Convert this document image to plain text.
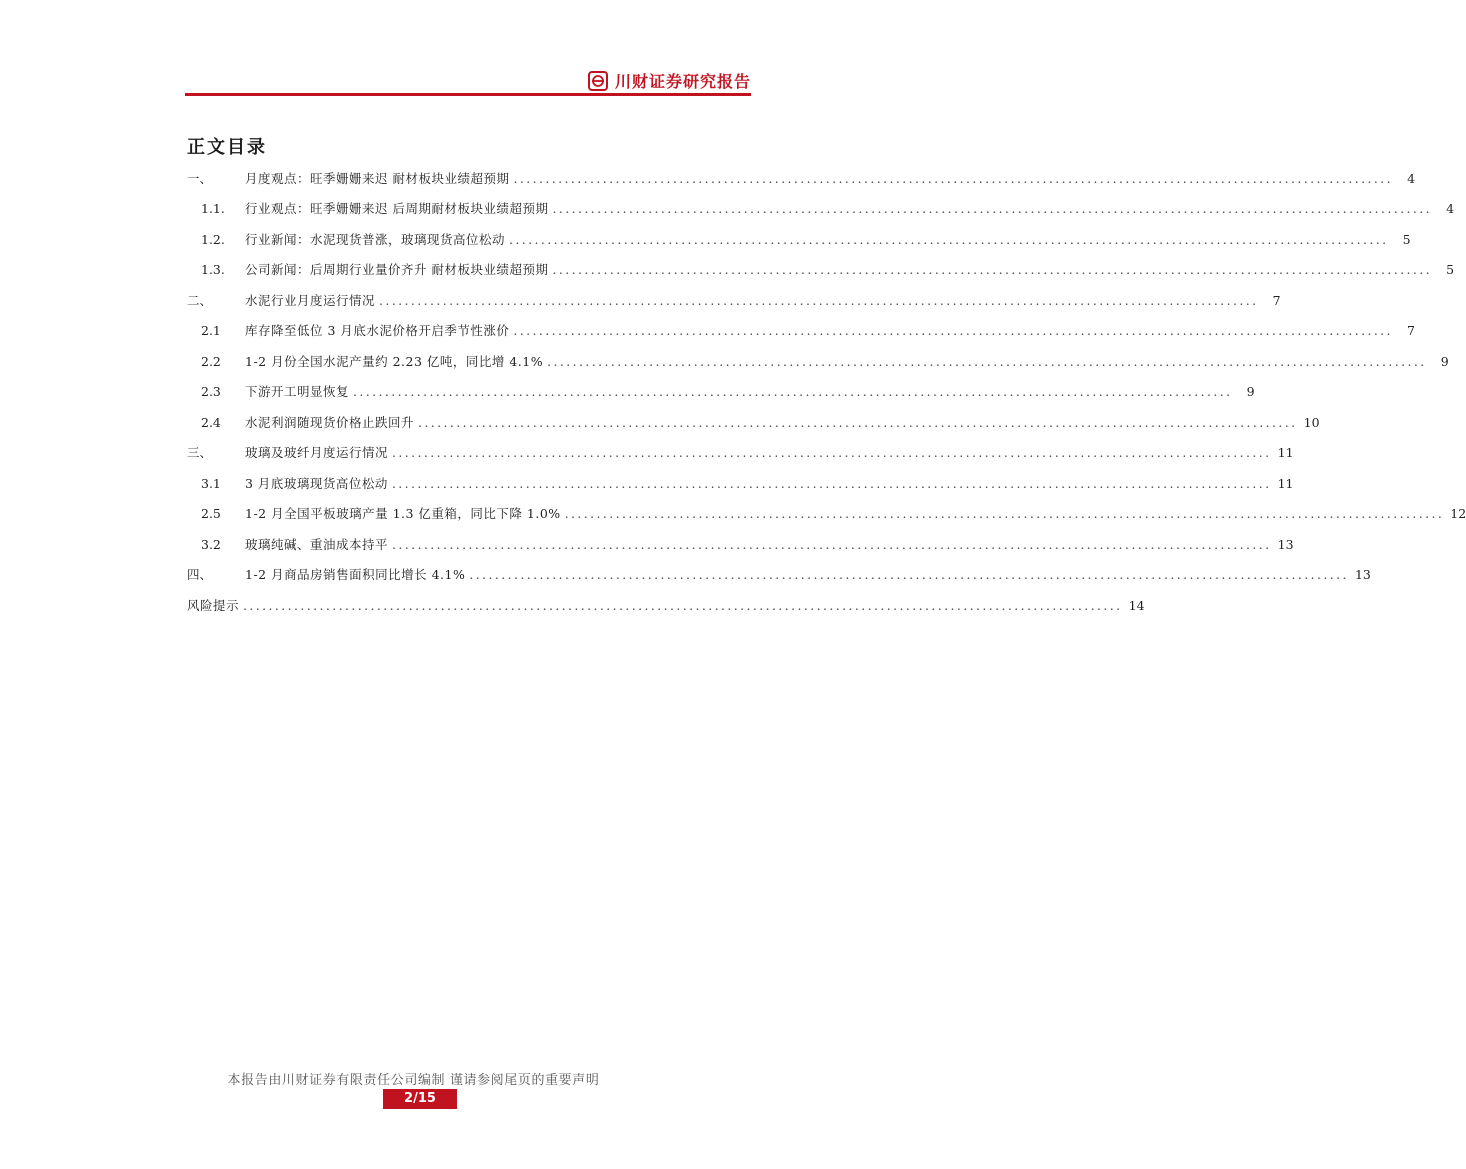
川财证券研究报告
正文目录
一、	月度观点：旺季姗姗来迟 耐材板块业绩超预期 ..........................................................................................................................................	4
1.1.	行业观点：旺季姗姗来迟 后周期耐材板块业绩超预期 ..........................................................................................................................................	4
1.2.	行业新闻：水泥现货普涨，玻璃现货高位松动 ..........................................................................................................................................	5
1.3.	公司新闻：后周期行业量价齐升 耐材板块业绩超预期 ..........................................................................................................................................	5
二、	水泥行业月度运行情况 ..........................................................................................................................................	7
2.1	库存降至低位 3 月底水泥价格开启季节性涨价 ..........................................................................................................................................	7
2.2	1-2 月份全国水泥产量约 2.23 亿吨，同比增 4.1% ..........................................................................................................................................	9
2.3	下游开工明显恢复 ..........................................................................................................................................	9
2.4	水泥利润随现货价格止跌回升 .......................................................................................................................................... 10
三、	玻璃及玻纤月度运行情况 .......................................................................................................................................... 11
3.1	3 月底玻璃现货高位松动 .......................................................................................................................................... 11
2.5	1-2 月全国平板玻璃产量 1.3 亿重箱，同比下降 1.0% .......................................................................................................................................... 12
3.2	玻璃纯碱、重油成本持平 .......................................................................................................................................... 13
四、	1-2 月商品房销售面积同比增长 4.1% .......................................................................................................................................... 13
风险提示 .......................................................................................................................................... 14
本报告由川财证券有限责任公司编制 谨请参阅尾页的重要声明
2/15
